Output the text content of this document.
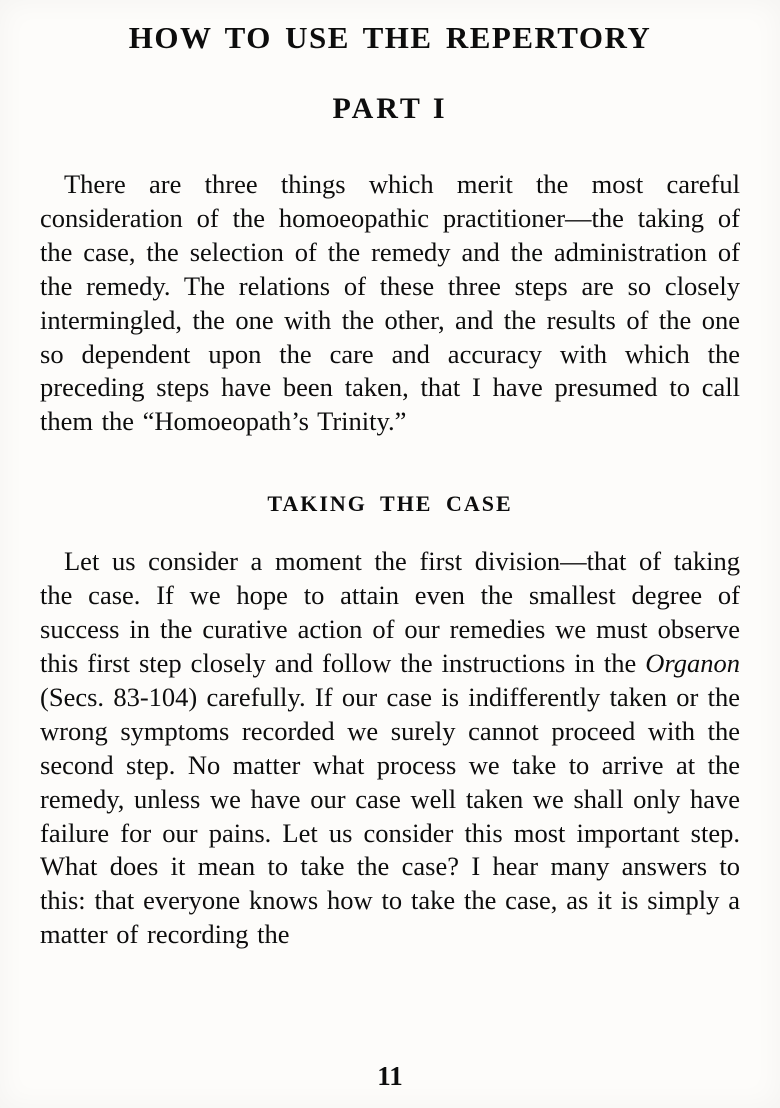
HOW TO USE THE REPERTORY
PART I

There are three things which merit the most careful consideration of the homoeopathic practitioner—the taking of the case, the selection of the remedy and the administration of the remedy. The relations of these three steps are so closely intermingled, the one with the other, and the results of the one so dependent upon the care and accuracy with which the preceding steps have been taken, that I have presumed to call them the “Homoeopath’s Trinity.”

TAKING THE CASE

Let us consider a moment the first division—that of taking the case. If we hope to attain even the smallest degree of success in the curative action of our remedies we must observe this first step closely and follow the instructions in the Organon (Secs. 83-104) carefully. If our case is indifferently taken or the wrong symptoms recorded we surely cannot proceed with the second step. No matter what process we take to arrive at the remedy, unless we have our case well taken we shall only have failure for our pains. Let us consider this most important step. What does it mean to take the case? I hear many answers to this: that everyone knows how to take the case, as it is simply a matter of recording the

11
